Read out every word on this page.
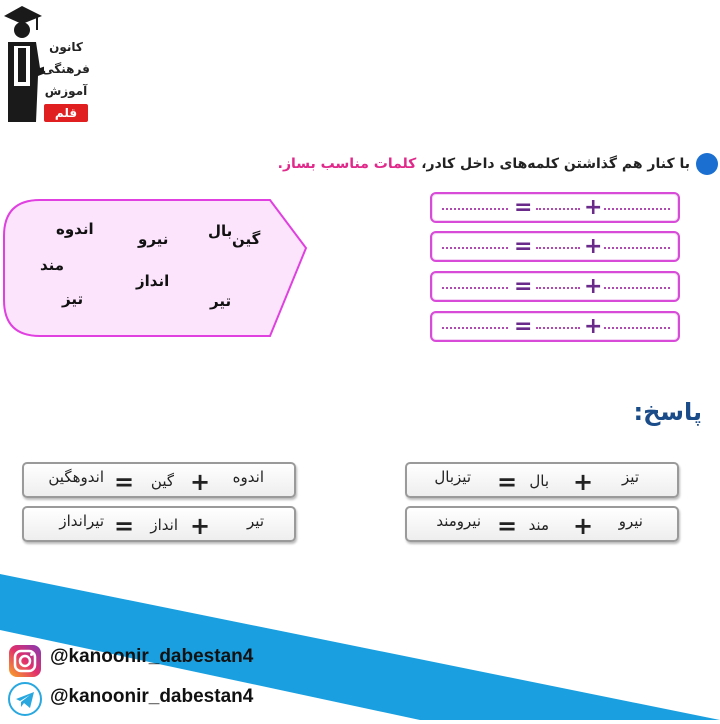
کانون
فرهنگی
آموزش
قلم چی
با کنار هم گذاشتن کلمه‌های داخل کادر، کلمات مناسب بساز.
اندوه
نیرو	بال
مند
انداز
گین
تیز	تیر
= +
= +
= +
= +
پاسخ:
تیز
+
بال
=
تیزبال
نیرو
+
مند
=
نیرومند
اندوه
+
گین
=
اندوهگین
تیر
+
انداز
=
تیرانداز
@kanoonir_dabestan4
@kanoonir_dabestan4
